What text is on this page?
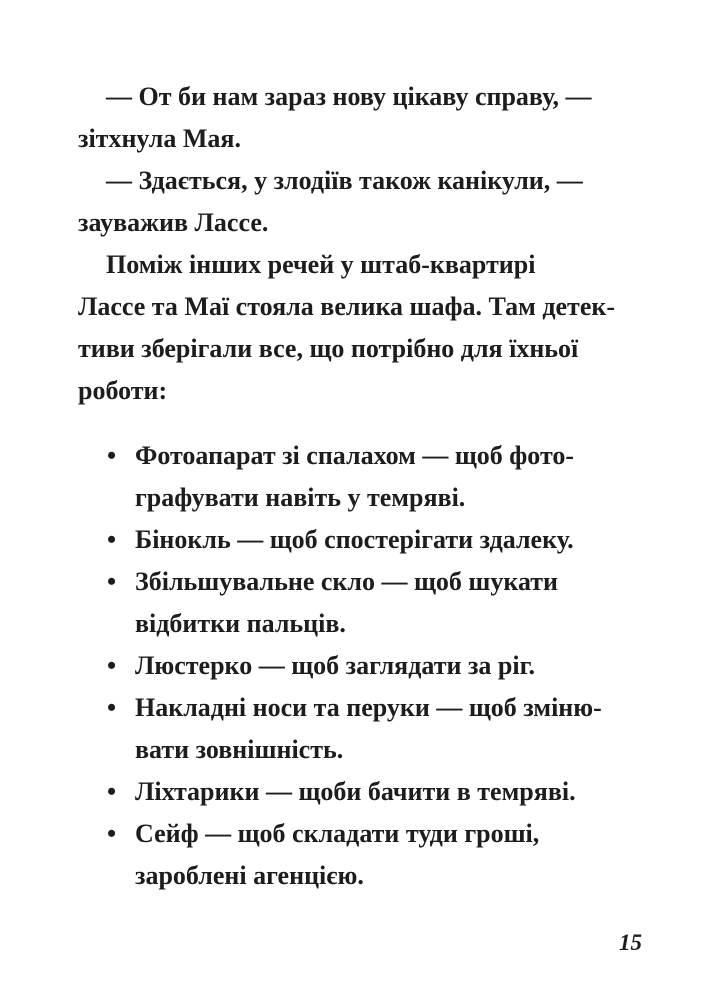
— От би нам зараз нову цікаву справу, —
зітхнула Мая.
— Здається, у злодіїв також канікули, —
зауважив Лассе.
Поміж інших речей у штаб-квартирі
Лассе та Маї стояла велика шафа. Там детек-
тиви зберігали все, що потрібно для їхньої
роботи:
• Фотоапарат зі спалахом — щоб фото-
графувати навіть у темряві.
• Бінокль — щоб спостерігати здалеку.
• Збільшувальне скло — щоб шукати
відбитки пальців.
• Люстерко — щоб заглядати за ріг.
• Накладні носи та перуки — щоб зміню-
вати зовнішність.
• Ліхтарики — щоби бачити в темряві.
• Сейф — щоб складати туди гроші,
зароблені агенцією.
15
